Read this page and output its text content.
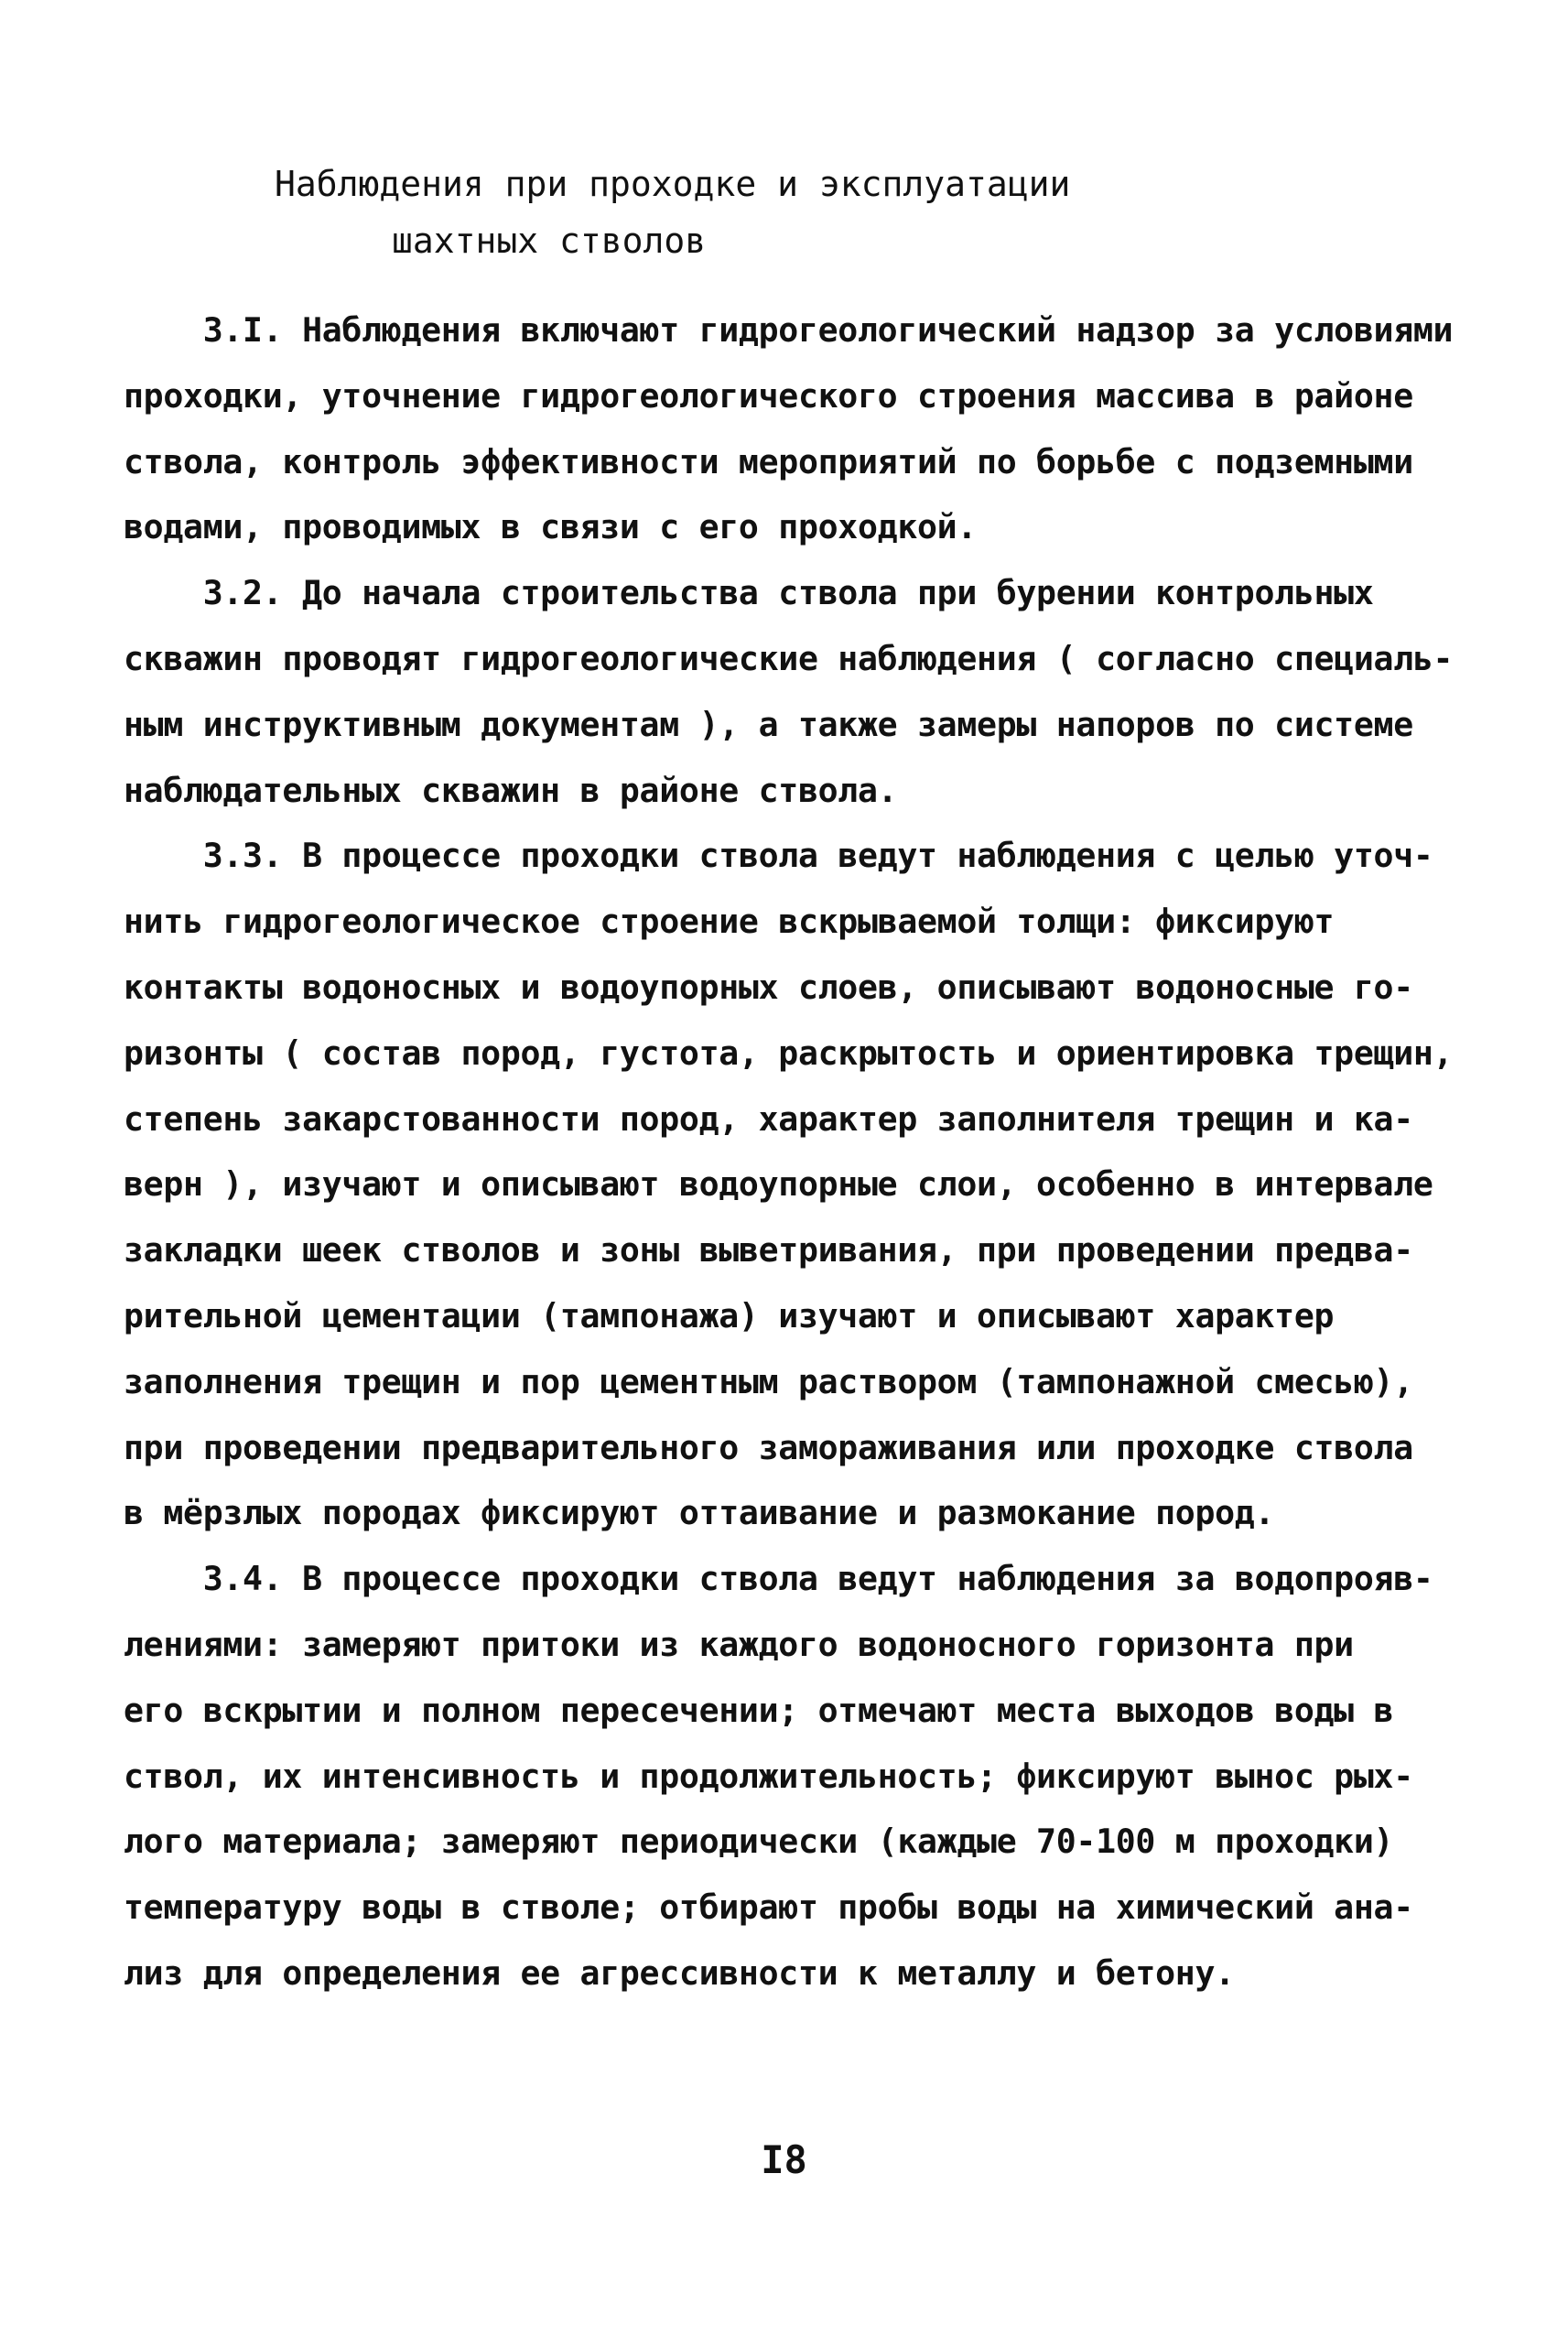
Наблюдения при проходке и эксплуатации
шахтных стволов
3.I. Наблюдения включают гидрогеологический надзор за условиями
проходки, уточнение гидрогеологического строения массива в районе
ствола, контроль эффективности мероприятий по борьбе с подземными
водами, проводимых в связи с его проходкой.
3.2. До начала строительства ствола при бурении контрольных
скважин проводят гидрогеологические наблюдения ( согласно специаль-
ным инструктивным документам ), а также замеры напоров по системе
наблюдательных скважин в районе ствола.
3.3. В процессе проходки ствола ведут наблюдения с целью уточ-
нить гидрогеологическое строение вскрываемой толщи: фиксируют
контакты водоносных и водоупорных слоев, описывают водоносные го-
ризонты ( состав пород, густота, раскрытость и ориентировка трещин,
степень закарстованности пород, характер заполнителя трещин и ка-
верн ), изучают и описывают водоупорные слои, особенно в интервале
закладки шеек стволов и зоны выветривания, при проведении предва-
рительной цементации (тампонажа) изучают и описывают характер
заполнения трещин и пор цементным раствором (тампонажной смесью),
при проведении предварительного замораживания или проходке ствола
в мёрзлых породах фиксируют оттаивание и размокание пород.
3.4. В процессе проходки ствола ведут наблюдения за водопрояв-
лениями: замеряют притоки из каждого водоносного горизонта при
его вскрытии и полном пересечении; отмечают места выходов воды в
ствол, их интенсивность и продолжительность; фиксируют вынос рых-
лого материала; замеряют периодически (каждые 70-100 м проходки)
температуру воды в стволе; отбирают пробы воды на химический ана-
лиз для определения ее агрессивности к металлу и бетону.
I8
